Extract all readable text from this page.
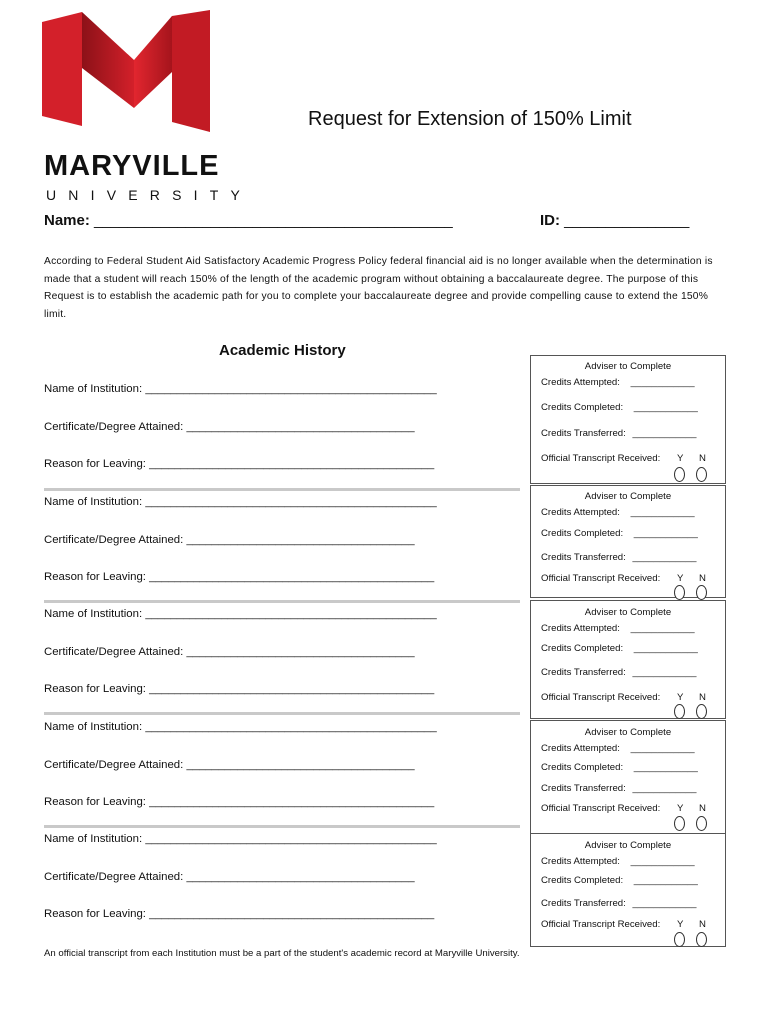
MARYVILLE
UNIVERSITY
Request for Extension of 150% Limit
Name: ___________________________________________	ID: _______________
According to Federal Student Aid Satisfactory Academic Progress Policy federal financial aid is no longer available when the determination is made that a student will reach 150% of the length of the academic program without obtaining a baccalaureate degree. The purpose of this Request is to establish the academic path for you to complete your baccalaureate degree and provide compelling cause to extend the 150% limit.
Academic History
Name of Institution: ______________________________________________
Certificate/Degree Attained: ____________________________________
Reason for Leaving: _____________________________________________
Name of Institution: ______________________________________________
Certificate/Degree Attained: ____________________________________
Reason for Leaving: _____________________________________________
Name of Institution: ______________________________________________
Certificate/Degree Attained: ____________________________________
Reason for Leaving: _____________________________________________
Name of Institution: ______________________________________________
Certificate/Degree Attained: ____________________________________
Reason for Leaving: _____________________________________________
Name of Institution: ______________________________________________
Certificate/Degree Attained: ____________________________________
Reason for Leaving: _____________________________________________
Adviser to Complete
Credits Attempted: ____________
Credits Completed: ____________
Credits Transferred: ____________
Official Transcript Received: Y N
Adviser to Complete
Credits Attempted: ____________
Credits Completed: ____________
Credits Transferred: ____________
Official Transcript Received: Y N
Adviser to Complete
Credits Attempted: ____________
Credits Completed: ____________
Credits Transferred: ____________
Official Transcript Received: Y N
Adviser to Complete
Credits Attempted: ____________
Credits Completed: ____________
Credits Transferred: ____________
Official Transcript Received: Y N
Adviser to Complete
Credits Attempted: ____________
Credits Completed: ____________
Credits Transferred: ____________
Official Transcript Received: Y N
An official transcript from each Institution must be a part of the student's academic record at Maryville University.
